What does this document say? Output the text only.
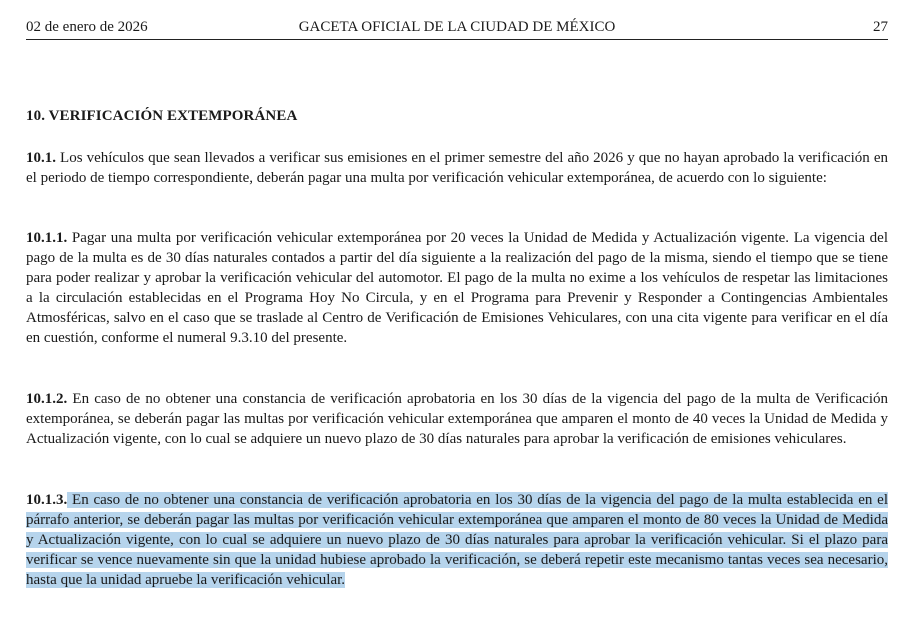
02 de enero de 2026	GACETA OFICIAL DE LA CIUDAD DE MÉXICO	27
10. VERIFICACIÓN EXTEMPORÁNEA
10.1. Los vehículos que sean llevados a verificar sus emisiones en el primer semestre del año 2026 y que no hayan aprobado la verificación en el periodo de tiempo correspondiente, deberán pagar una multa por verificación vehicular extemporánea, de acuerdo con lo siguiente:
10.1.1. Pagar una multa por verificación vehicular extemporánea por 20 veces la Unidad de Medida y Actualización vigente. La vigencia del pago de la multa es de 30 días naturales contados a partir del día siguiente a la realización del pago de la misma, siendo el tiempo que se tiene para poder realizar y aprobar la verificación vehicular del automotor. El pago de la multa no exime a los vehículos de respetar las limitaciones a la circulación establecidas en el Programa Hoy No Circula, y en el Programa para Prevenir y Responder a Contingencias Ambientales Atmosféricas, salvo en el caso que se traslade al Centro de Verificación de Emisiones Vehiculares, con una cita vigente para verificar en el día en cuestión, conforme el numeral 9.3.10 del presente.
10.1.2. En caso de no obtener una constancia de verificación aprobatoria en los 30 días de la vigencia del pago de la multa de Verificación extemporánea, se deberán pagar las multas por verificación vehicular extemporánea que amparen el monto de 40 veces la Unidad de Medida y Actualización vigente, con lo cual se adquiere un nuevo plazo de 30 días naturales para aprobar la verificación de emisiones vehiculares.
10.1.3. En caso de no obtener una constancia de verificación aprobatoria en los 30 días de la vigencia del pago de la multa establecida en el párrafo anterior, se deberán pagar las multas por verificación vehicular extemporánea que amparen el monto de 80 veces la Unidad de Medida y Actualización vigente, con lo cual se adquiere un nuevo plazo de 30 días naturales para aprobar la verificación vehicular. Si el plazo para verificar se vence nuevamente sin que la unidad hubiese aprobado la verificación, se deberá repetir este mecanismo tantas veces sea necesario, hasta que la unidad apruebe la verificación vehicular.
